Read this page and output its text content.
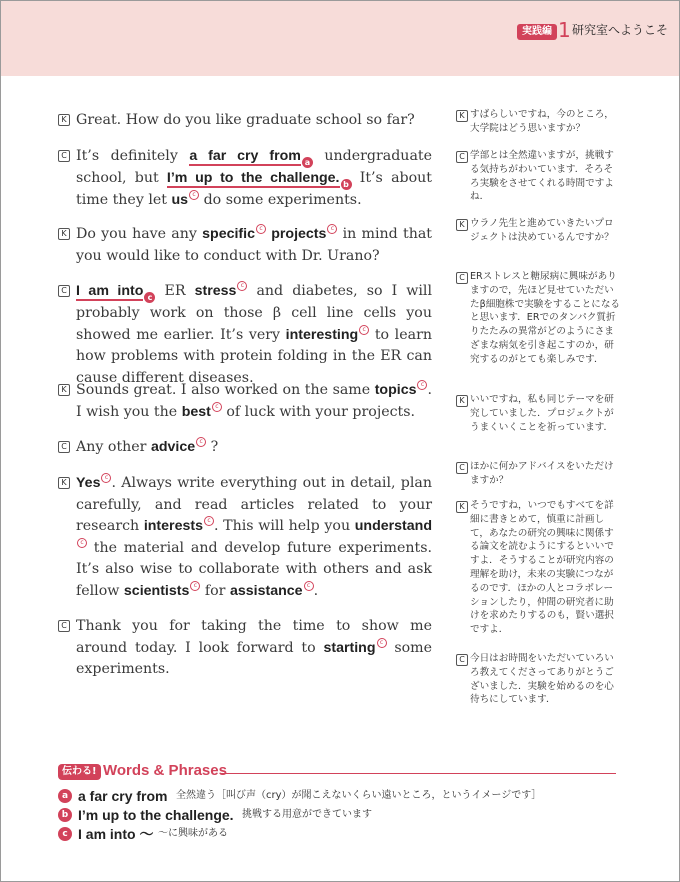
実践編 1 研究室へようこそ
K Great. How do you like graduate school so far?
C It’s definitely a far cry from a undergraduate school, but I’m up to the challenge. b It’s about time they let us c do some experiments.
K Do you have any specific c projects c in mind that you would like to conduct with Dr. Urano?
C I am into c ER stress c and diabetes, so I will probably work on those β cell line cells you showed me earlier. It’s very interesting c to learn how problems with protein folding in the ER can cause different diseases.
K Sounds great. I also worked on the same topics c . I wish you the best c of luck with your projects.
C Any other advice c ?
K Yes c . Always write everything out in detail, plan carefully, and read articles related to your research interests c . This will help you understandc the material and develop future experiments. It’s also wise to collaborate with others and ask fellow scientists c for assistance c .
C Thank you for taking the time to show me around today. I look forward to starting c some experiments.
K すばらしいですね，今のところ，大学院はどう思いますか？
C 学部とは全然違いますが，挑戦する気持ちがわいています．そろそろ実験をさせてくれる時間ですよね．
K ウラノ先生と進めていきたいプロジェクトは決めているんですか？
C ERストレスと糖尿病に興味がありますので，先ほど見せていただいたβ細胞株で実験をすることになると思います．ERでのタンパク質折りたたみの異常がどのようにさまざまな病気を引き起こすのか，研究するのがとても楽しみです．
K いいですね，私も同じテーマを研究していました．プロジェクトがうまくいくことを祈っています．
C ほかに何かアドバイスをいただけますか？
K そうですね，いつでもすべてを詳細に書きとめて，慎重に計画して，あなたの研究の興味に関係する論文を読むようにするといいですよ．そうすることが研究内容の理解を助け，未来の実験につながるのです．ほかの人とコラボレーションしたり，仲間の研究者に助けを求めたりするのも，賢い選択ですよ．
C 今日はお時間をいただいていろいろ教えてくださってありがとうございました．実験を始めるのを心待ちにしています．
伝わる! Words & Phrases
a a far cry from 全然違う［叫び声（cry）が聞こえないくらい遠いところ，というイメージです］
b I’m up to the challenge. 挑戦する用意ができています
c I am into ～ ～に興味がある
